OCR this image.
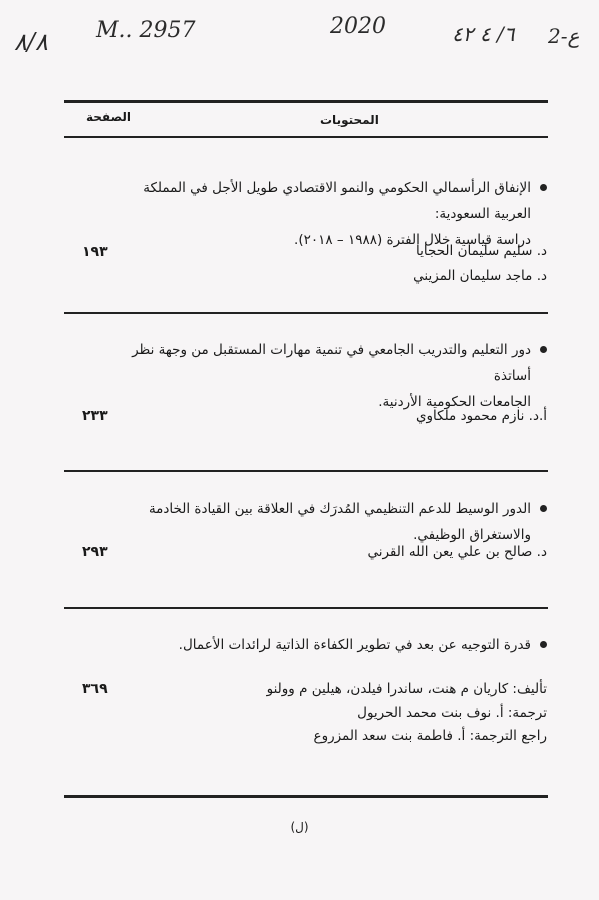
٨/٨ M.. 2957	2020	٦/ ٤ ٤٢ ع-2
المحتويات
الصفحة
الإنفاق الرأسمالي الحكومي والنمو الاقتصادي طويل الأجل في المملكة العربية السعودية:
دراسة قياسية خلال الفترة (١٩٨٨ – ٢٠١٨).
د. سليم سليمان الحجايا
د. ماجد سليمان المزيني
١٩٣
دور التعليم والتدريب الجامعي في تنمية مهارات المستقبل من وجهة نظر أساتذة
الجامعات الحكومية الأردنية.
أ.د. نازم محمود ملكاوي
٢٣٣
الدور الوسيط للدعم التنظيمي المُدرَك في العلاقة بين القيادة الخادمة والاستغراق الوظيفي.
د. صالح بن علي يعن الله القرني
٢٩٣
قدرة التوجيه عن بعد في تطوير الكفاءة الذاتية لرائدات الأعمال.
تأليف: كاريان م هنت، ساندرا فيلدن، هيلين م وولنو
ترجمة: أ. نوف بنت محمد الحريول
راجع الترجمة: أ. فاطمة بنت سعد المزروع
٣٦٩
(ل)
